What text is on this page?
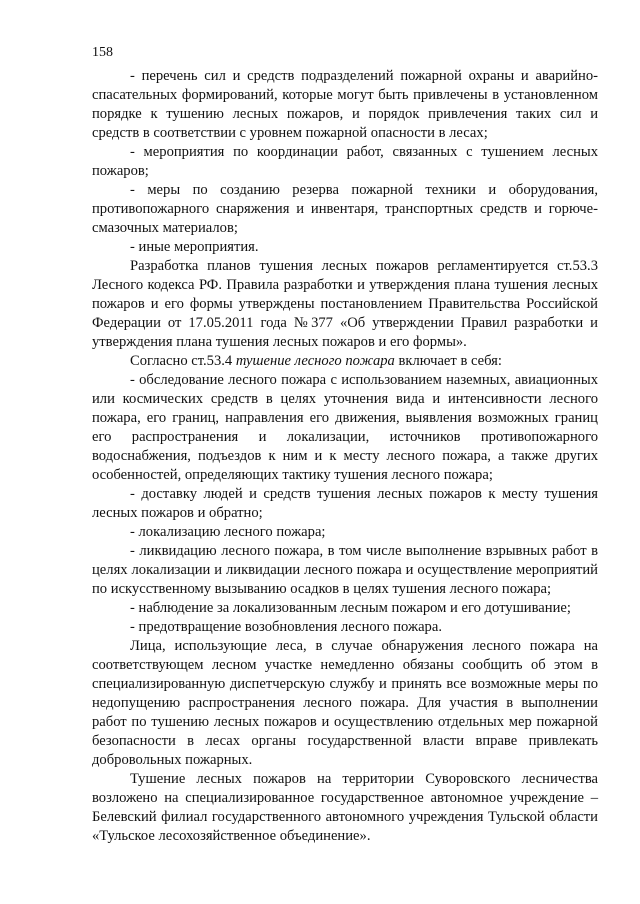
158

- перечень сил и средств подразделений пожарной охраны и аварийно-спасательных формирований, которые могут быть привлечены в установленном порядке к тушению лесных пожаров, и порядок привлечения таких сил и средств в соответствии с уровнем пожарной опасности в лесах;

- мероприятия по координации работ, связанных с тушением лесных пожаров;

- меры по созданию резерва пожарной техники и оборудования, противопожарного снаряжения и инвентаря, транспортных средств и горюче-смазочных материалов;

- иные мероприятия.

Разработка планов тушения лесных пожаров регламентируется ст.53.3 Лесного кодекса РФ. Правила разработки и утверждения плана тушения лесных пожаров и его формы утверждены постановлением Правительства Российской Федерации от 17.05.2011 года №377 «Об утверждении Правил разработки и утверждения плана тушения лесных пожаров и его формы».

Согласно ст.53.4 тушение лесного пожара включает в себя:

- обследование лесного пожара с использованием наземных, авиационных или космических средств в целях уточнения вида и интенсивности лесного пожара, его границ, направления его движения, выявления возможных границ его распространения и локализации, источников противопожарного водоснабжения, подъездов к ним и к месту лесного пожара, а также других особенностей, определяющих тактику тушения лесного пожара;

- доставку людей и средств тушения лесных пожаров к месту тушения лесных пожаров и обратно;

- локализацию лесного пожара;

- ликвидацию лесного пожара, в том числе выполнение взрывных работ в целях локализации и ликвидации лесного пожара и осуществление мероприятий по искусственному вызыванию осадков в целях тушения лесного пожара;

- наблюдение за локализованным лесным пожаром и его дотушивание;

- предотвращение возобновления лесного пожара.

Лица, использующие леса, в случае обнаружения лесного пожара на соответствующем лесном участке немедленно обязаны сообщить об этом в специализированную диспетчерскую службу и принять все возможные меры по недопущению распространения лесного пожара. Для участия в выполнении работ по тушению лесных пожаров и осуществлению отдельных мер пожарной безопасности в лесах органы государственной власти вправе привлекать добровольных пожарных.

Тушение лесных пожаров на территории Суворовского лесничества возложено на специализированное государственное автономное учреждение – Белевский филиал государственного автономного учреждения Тульской области «Тульское лесохозяйственное объединение».
